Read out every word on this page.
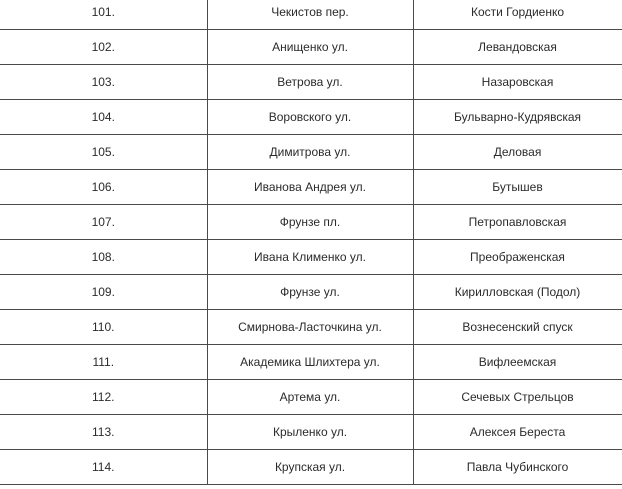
101.	Чекистов пер.	Кости Гордиенко
102.	Анищенко ул.	Левандовская
103.	Ветрова ул.	Назаровская
104.	Воровского ул.	Бульварно-Кудрявская
105.	Димитрова ул.	Деловая
106.	Иванова Андрея ул.	Бутышев
107.	Фрунзе пл.	Петропавловская
108.	Ивана Клименко ул.	Преображенская
109.	Фрунзе ул.	Кирилловская (Подол)
110.	Смирнова-Ласточкина ул.	Вознесенский спуск
111.	Академика Шлихтера ул.	Вифлеемская
112.	Артема ул.	Сечевых Стрельцов
113.	Крыленко ул.	Алексея Береста
114.	Крупская ул.	Павла Чубинского
